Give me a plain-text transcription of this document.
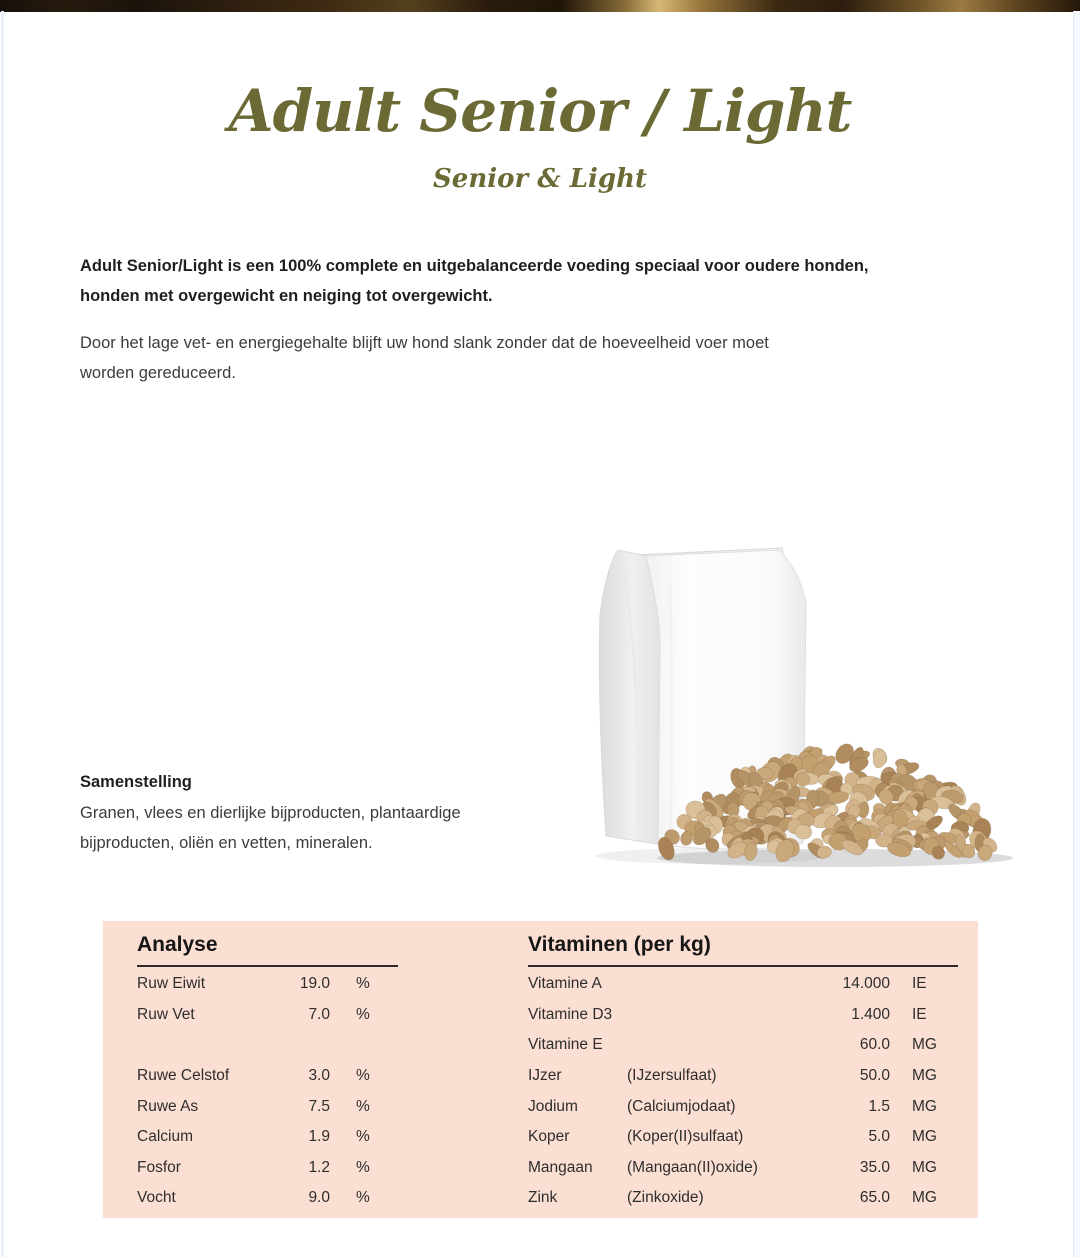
Adult Senior / Light
Senior & Light

Adult Senior/Light is een 100% complete en uitgebalanceerde voeding speciaal voor oudere honden, honden met overgewicht en neiging tot overgewicht.

Door het lage vet- en energiegehalte blijft uw hond slank zonder dat de hoeveelheid voer moet worden gereduceerd.

Samenstelling

Granen, vlees en dierlijke bijproducten, plantaardige bijproducten, oliën en vetten, mineralen.

Analyse
Ruw Eiwit	19.0 %
Ruw Vet	7.0 %
Ruwe Celstof	3.0 %
Ruwe As	7.5 %
Calcium	1.9 %
Fosfor	1.2 %
Vocht	9.0 %
Vitaminen (per kg)
Vitamine A	14.000 IE
Vitamine D3	1.400 IE
Vitamine E	60.0 MG
IJzer	(IJzersulfaat)	50.0 MG
Jodium	(Calciumjodaat)	1.5 MG
Koper	(Koper(II)sulfaat)	5.0 MG
Mangaan	(Mangaan(II)oxide)	35.0 MG
Zink	(Zinkoxide)	65.0 MG
